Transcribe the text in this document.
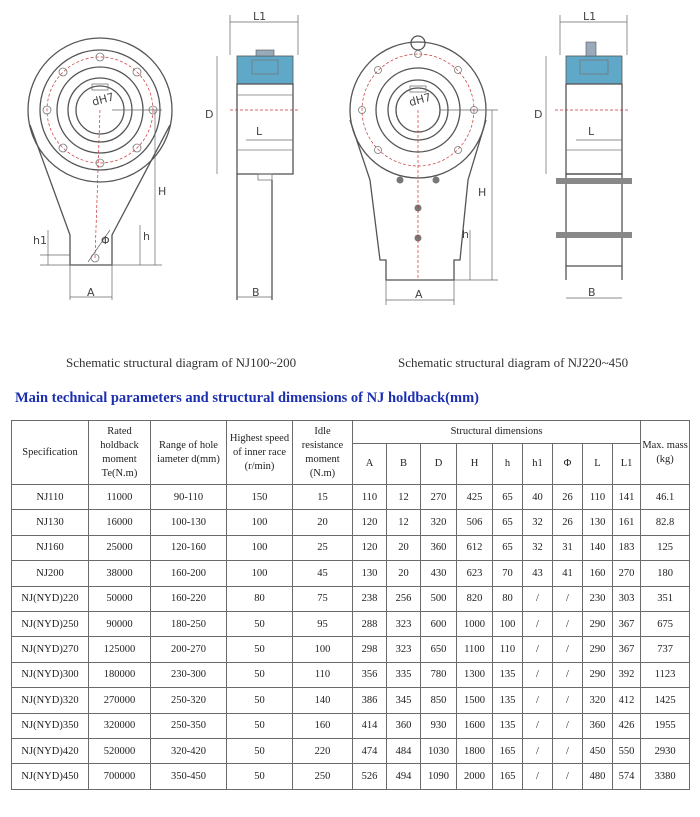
dH7
H
h1	Φ	h
A
L1
D
L
B
dH7
H
h
A
L1
D
L
B
Schematic structural diagram of NJ100~200	Schematic structural diagram of NJ220~450
Main technical parameters and structural dimensions of NJ holdback(mm)
Specification	Rated holdback moment Te(N.m)	Range of hole iameter d(mm)	Highest speed of inner race (r/min)	Idle resistance moment (N.m)	Structural dimensions									Max. mass (kg)
					A	B	D	H	h	h1	Φ	L	L1	
NJ110	11000	90-110	150	15	110	12	270	425	65	40	26	110	141	46.1
NJ130	16000	100-130	100	20	120	12	320	506	65	32	26	130	161	82.8
NJ160	25000	120-160	100	25	120	20	360	612	65	32	31	140	183	125
NJ200	38000	160-200	100	45	130	20	430	623	70	43	41	160	270	180
NJ(NYD)220	50000	160-220	80	75	238	256	500	820	80	/	/	230	303	351
NJ(NYD)250	90000	180-250	50	95	288	323	600	1000	100	/	/	290	367	675
NJ(NYD)270	125000	200-270	50	100	298	323	650	1100	110	/	/	290	367	737
NJ(NYD)300	180000	230-300	50	110	356	335	780	1300	135	/	/	290	392	1123
NJ(NYD)320	270000	250-320	50	140	386	345	850	1500	135	/	/	320	412	1425
NJ(NYD)350	320000	250-350	50	160	414	360	930	1600	135	/	/	360	426	1955
NJ(NYD)420	520000	320-420	50	220	474	484	1030	1800	165	/	/	450	550	2930
NJ(NYD)450	700000	350-450	50	250	526	494	1090	2000	165	/	/	480	574	3380
